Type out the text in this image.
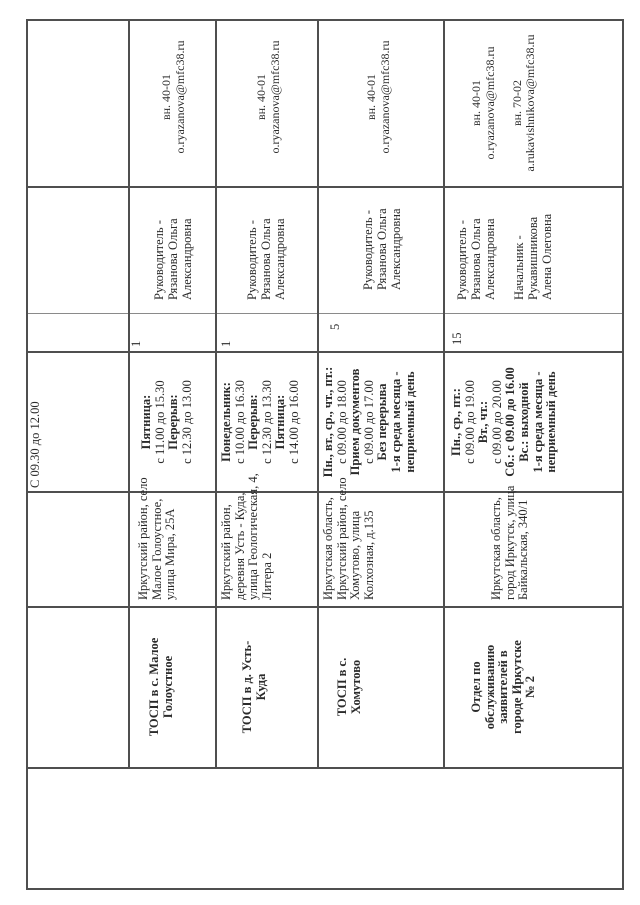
С 09.30 до 12.00
ТОСП в с. Малое Голоустное
Иркутский район, село Малое Голоустное, улица Мира, 25А
Пятница: с 11.00 до 15.30 Перерыв: с 12.30 до 13.00
1
Руководитель - Рязанова Ольга Александровна
вн. 40-01 o.ryazanova@mfc38.ru
ТОСП в д. Усть- Куда
Иркутский район, деревня Усть - Куда, улица Геологическая, 4, Литера 2
Понедельник: с 10.00 до 16.30 Перерыв: с 12.30 до 13.30 Пятница: с 14.00 до 16.00
1
Руководитель - Рязанова Ольга Александровна
вн. 40-01 o.ryazanova@mfc38.ru
ТОСП в с. Хомутово
Иркутская область, Иркутский район, село Хомутово, улица Колхозная, д.135
Пн., вт., ср., чт., пт.: с 09.00 до 18.00 Прием документов с 09.00 до 17.00 Без перерыва 1-я среда месяца - неприемный день
5
Руководитель - Рязанова Ольга Александровна
вн. 40-01 o.ryazanova@mfc38.ru
Отдел по обслуживанию заявителей в городе Иркутске № 2
Иркутская область, город Иркутск, улица Байкальская, 340/1
Пн., ср., пт.: с 09.00 до 19.00 Вт., чт.: с 09.00 до 20.00 Сб.: с 09.00 до 16.00 Вс.: выходной 1-я среда месяца - неприемный день
15
Руководитель - Рязанова Ольга Александровна
Начальник - Рукавишникова Алена Олеговна
вн. 40-01 o.ryazanova@mfc38.ru
вн. 70-02 a.rukavishnikova@mfc38.ru
